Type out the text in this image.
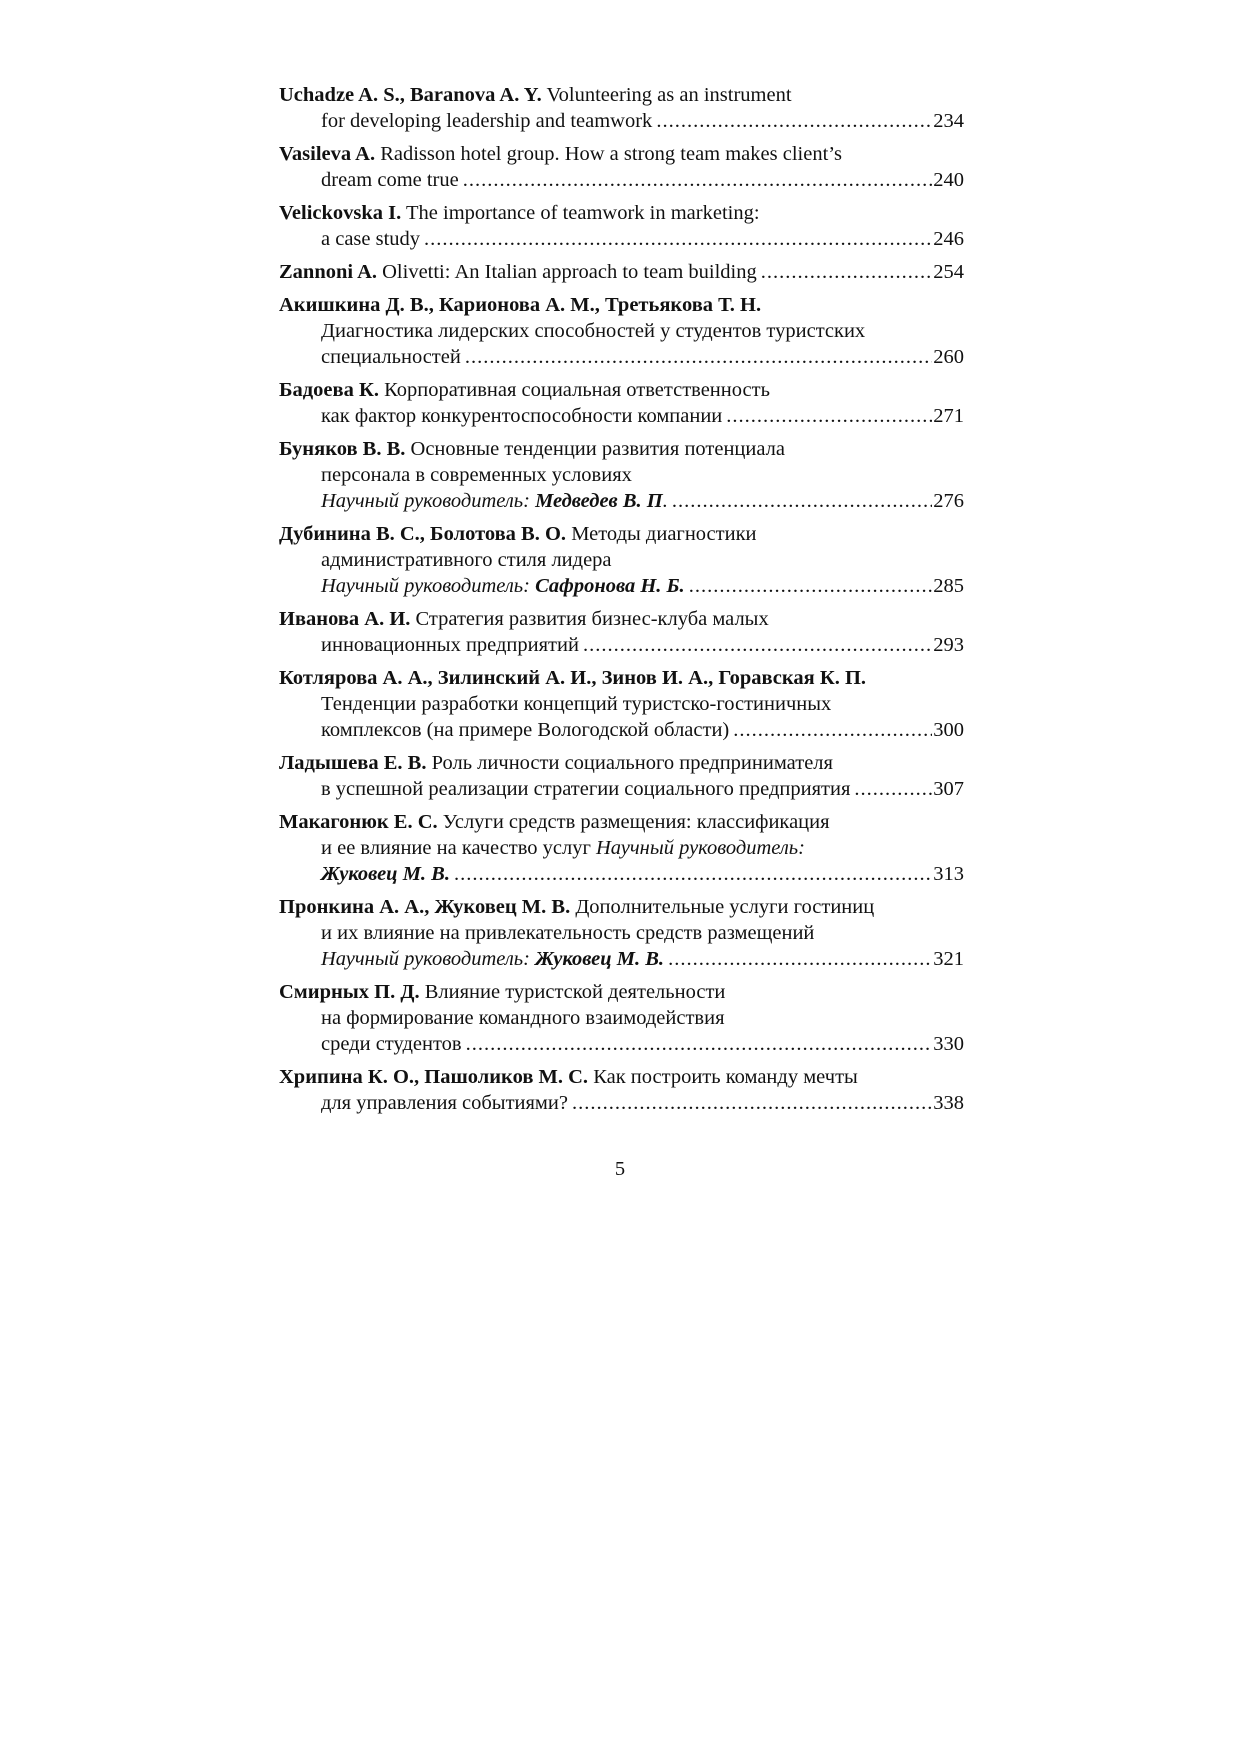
Uchadze A. S., Baranova A. Y. Volunteering as an instrument
for developing leadership and teamwork .....	234
Vasileva A. Radisson hotel group. How a strong team makes client’s
dream come true .....	240
Velickovska I. The importance of teamwork in marketing:
a case study .....	246
Zannoni A. Olivetti: An Italian approach to team building .....	254
Акишкина Д. В., Карионова А. М., Третьякова Т. Н.
Диагностика лидерских способностей у студентов туристских
специальностей .....	260
Бадоева К. Корпоративная социальная ответственность
как фактор конкурентоспособности компании .....	271
Буняков В. В. Основные тенденции развития потенциала
персонала в современных условиях
Научный руководитель: Медведев В. П. .....	276
Дубинина В. С., Болотова В. О. Методы диагностики
административного стиля лидера
Научный руководитель: Сафронова Н. Б. .....	285
Иванова А. И. Стратегия развития бизнес-клуба малых
инновационных предприятий .....	293
Котлярова А. А., Зилинский А. И., Зинов И. А., Горавская К. П.
Тенденции разработки концепций туристско-гостиничных
комплексов (на примере Вологодской области) .....	300
Ладышева Е. В. Роль личности социального предпринимателя
в успешной реализации стратегии социального предприятия .....	307
Макагонюк Е. С. Услуги средств размещения: классификация
и ее влияние на качество услуг Научный руководитель:
Жуковец М. В. .....	313
Пронкина А. А., Жуковец М. В. Дополнительные услуги гостиниц
и их влияние на привлекательность средств размещений
Научный руководитель: Жуковец М. В. .....	321
Смирных П. Д. Влияние туристской деятельности
на формирование командного взаимодействия
среди студентов .....	330
Хрипина К. О., Пашоликов М. С. Как построить команду мечты
для управления событиями? .....	338
5
